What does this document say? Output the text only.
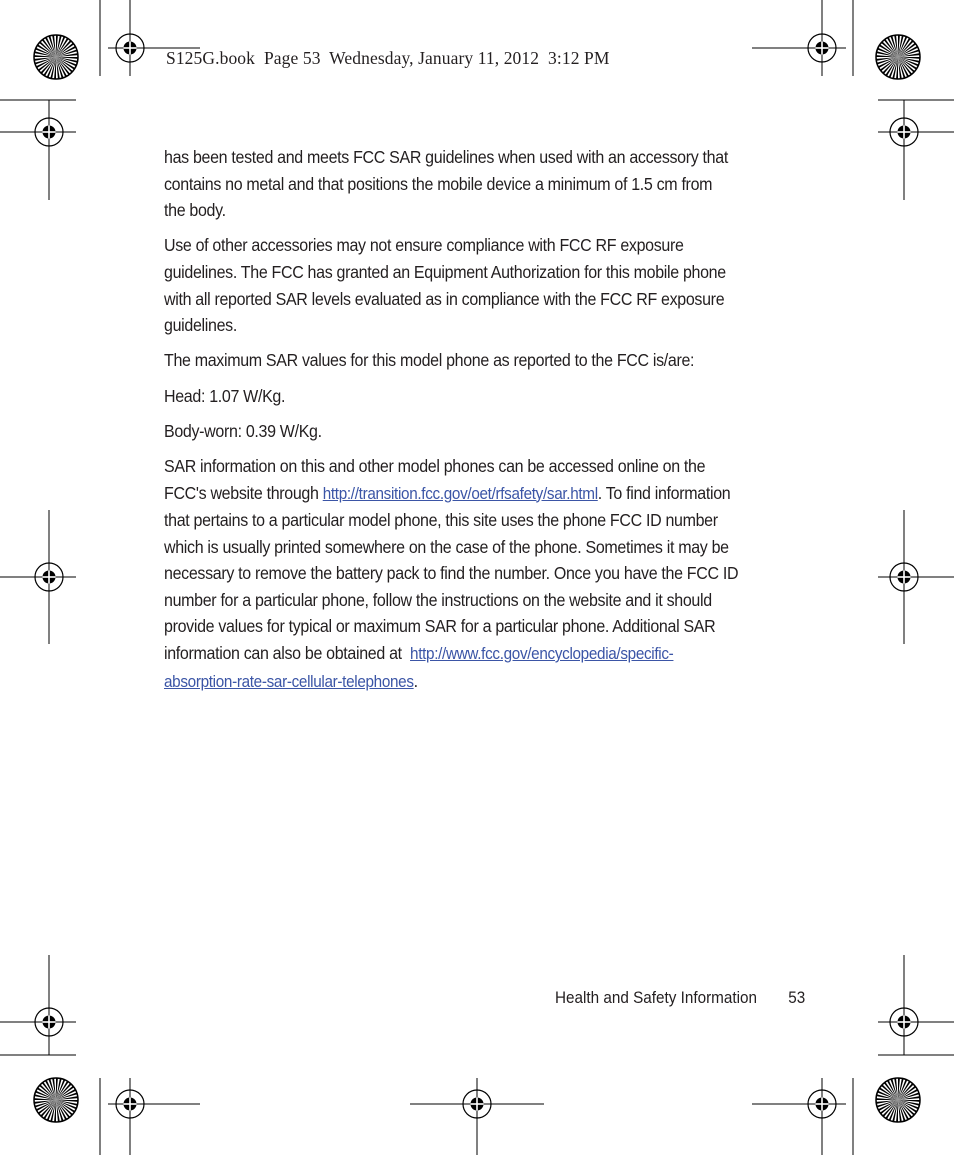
S125G.book  Page 53  Wednesday, January 11, 2012  3:12 PM

has been tested and meets FCC SAR guidelines when used with an accessory that
contains no metal and that positions the mobile device a minimum of 1.5 cm from
the body.

Use of other accessories may not ensure compliance with FCC RF exposure
guidelines. The FCC has granted an Equipment Authorization for this mobile phone
with all reported SAR levels evaluated as in compliance with the FCC RF exposure
guidelines.

The maximum SAR values for this model phone as reported to the FCC is/are:

Head: 1.07 W/Kg.

Body-worn: 0.39 W/Kg.

SAR information on this and other model phones can be accessed online on the
FCC's website through http://transition.fcc.gov/oet/rfsafety/sar.html. To find information
that pertains to a particular model phone, this site uses the phone FCC ID number
which is usually printed somewhere on the case of the phone. Sometimes it may be
necessary to remove the battery pack to find the number. Once you have the FCC ID
number for a particular phone, follow the instructions on the website and it should
provide values for typical or maximum SAR for a particular phone. Additional SAR
information can also be obtained at http://www.fcc.gov/encyclopedia/specific-
absorption-rate-sar-cellular-telephones.

Health and Safety Information 53
